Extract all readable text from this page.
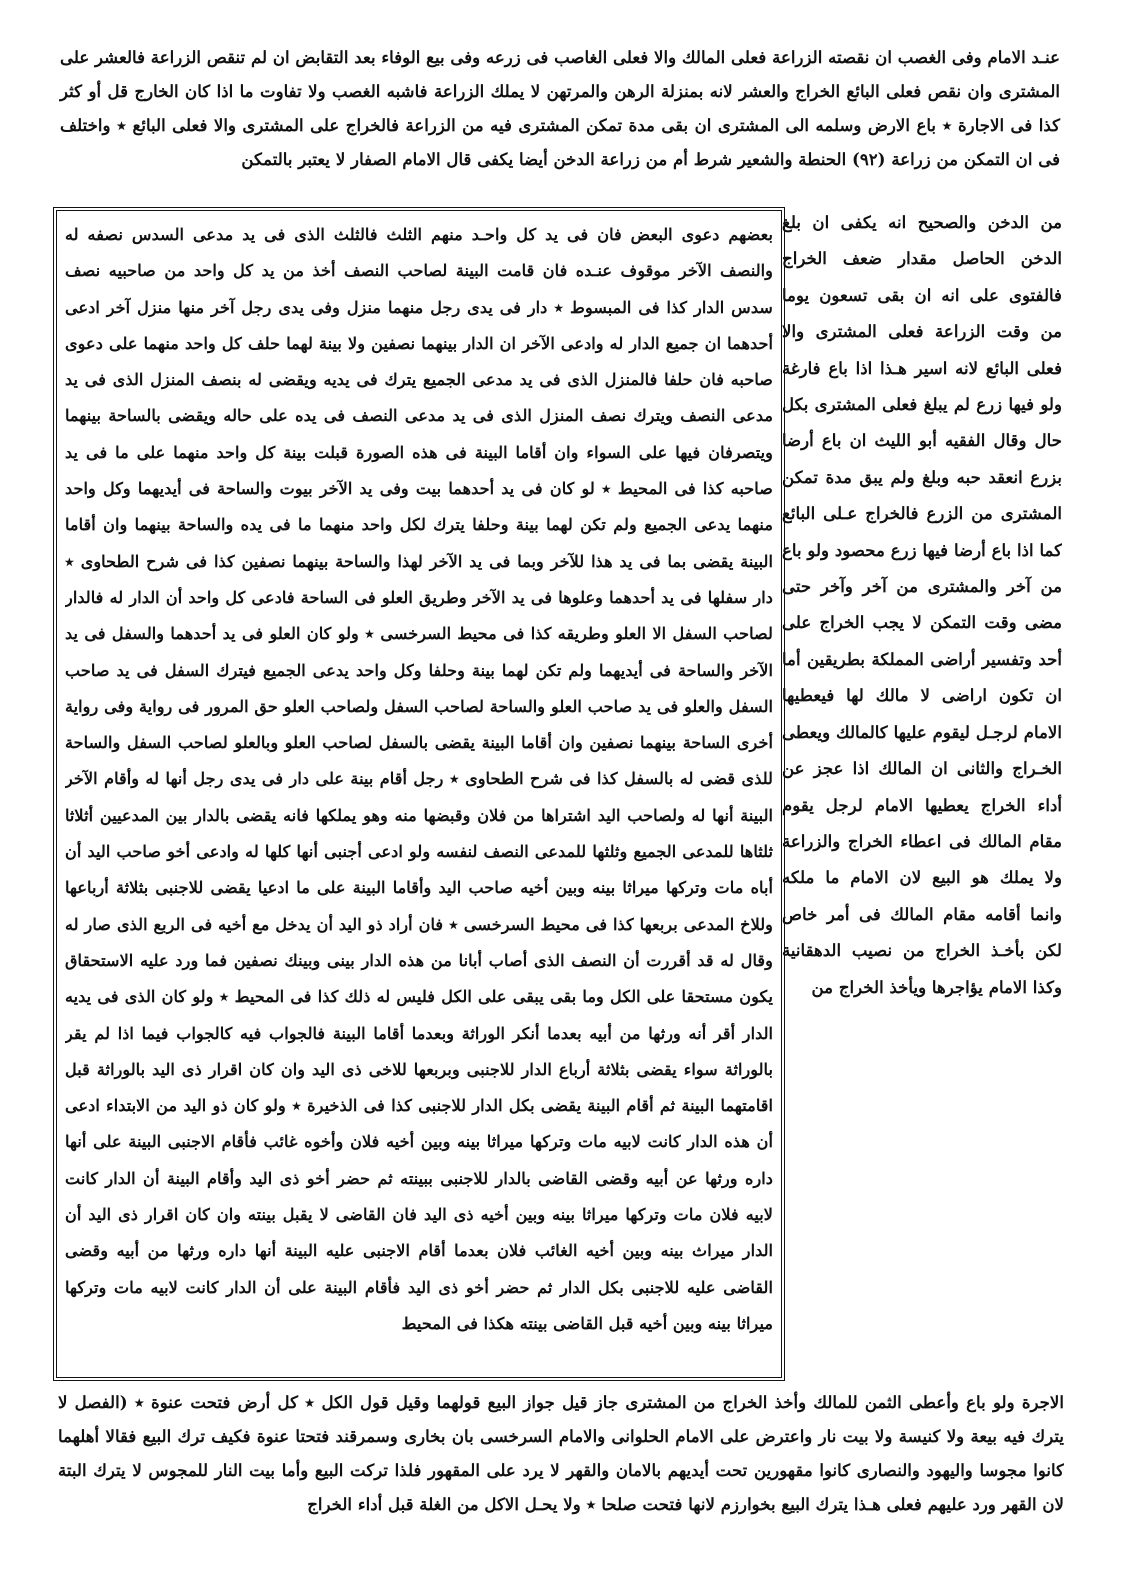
عنـد الامام وفى الغصب ان نقصته الزراعة فعلى المالك والا فعلى الغاصب فى زرعه وفى بيع الوفاء بعد التقابض ان لم تنقص الزراعة فالعشر على المشترى وان نقص فعلى البائع الخراج والعشر لانه بمنزلة الرهن والمرتهن لا يملك الزراعة فاشبه الغصب ولا تفاوت ما اذا كان الخارج قل أو كثر كذا فى الاجارة ٭ باع الارض وسلمه الى المشترى ان بقى مدة تمكن المشترى فيه من الزراعة فالخراج على المشترى والا فعلى البائع ٭ واختلف فى ان التمكن من زراعة (٩٢) الحنطة والشعير شرط أم من زراعة الدخن أيضا يكفى قال الامام الصفار لا يعتبر بالتمكن
من الدخن والصحيح انه يكفى ان بلغ الدخن الحاصل مقدار ضعف الخراج فالفتوى على انه ان بقى تسعون يوما من وقت الزراعة فعلى المشترى والا فعلى البائع لانه اسير هـذا اذا باع فارغة ولو فيها زرع لم يبلغ فعلى المشترى بكل حال وقال الفقيه أبو الليث ان باع أرضا بزرع انعقد حبه وبلغ ولم يبق مدة تمكن المشترى من الزرع فالخراج عـلى البائع كما اذا باع أرضا فيها زرع محصود ولو باع من آخر والمشترى من آخر وآخر حتى مضى وقت التمكن لا يجب الخراج على أحد وتفسير أراضى المملكة بطريقين أما ان تكون اراضى لا مالك لها فيعطيها الامام لرجـل ليقوم عليها كالمالك ويعطى الخـراج والثانى ان المالك اذا عجز عن أداء الخراج يعطيها الامام لرجل يقوم مقام المالك فى اعطاء الخراج والزراعة ولا يملك هو البيع لان الامام ما ملكه وانما أقامه مقام المالك فى أمر خاص لكن بأخـذ الخراج من نصيب الدهقانية وكذا الامام يؤاجرها ويأخذ الخراج من
بعضهم دعوى البعض فان فى يد كل واحـد منهم الثلث فالثلث الذى فى يد مدعى السدس نصفه له والنصف الآخر موقوف عنـده فان قامت البينة لصاحب النصف أخذ من يد كل واحد من صاحبيه نصف سدس الدار كذا فى المبسوط ٭ دار فى يدى رجل منهما منزل وفى يدى رجل آخر منها منزل آخر ادعى أحدهما ان جميع الدار له وادعى الآخر ان الدار بينهما نصفين ولا بينة لهما حلف كل واحد منهما على دعوى صاحبه فان حلفا فالمنزل الذى فى يد مدعى الجميع يترك فى يديه ويقضى له بنصف المنزل الذى فى يد مدعى النصف ويترك نصف المنزل الذى فى يد مدعى النصف فى يده على حاله ويقضى بالساحة بينهما ويتصرفان فيها على السواء وان أقاما البينة فى هذه الصورة قبلت بينة كل واحد منهما على ما فى يد صاحبه كذا فى المحيط ٭ لو كان فى يد أحدهما بيت وفى يد الآخر بيوت والساحة فى أيديهما وكل واحد منهما يدعى الجميع ولم تكن لهما بينة وحلفا يترك لكل واحد منهما ما فى يده والساحة بينهما وان أقاما البينة يقضى بما فى يد هذا للآخر وبما فى يد الآخر لهذا والساحة بينهما نصفين كذا فى شرح الطحاوى ٭ دار سفلها فى يد أحدهما وعلوها فى يد الآخر وطريق العلو فى الساحة فادعى كل واحد أن الدار له فالدار لصاحب السفل الا العلو وطريقه كذا فى محيط السرخسى ٭ ولو كان العلو فى يد أحدهما والسفل فى يد الآخر والساحة فى أيديهما ولم تكن لهما بينة وحلفا وكل واحد يدعى الجميع فيترك السفل فى يد صاحب السفل والعلو فى يد صاحب العلو والساحة لصاحب السفل ولصاحب العلو حق المرور فى رواية وفى رواية أخرى الساحة بينهما نصفين وان أقاما البينة يقضى بالسفل لصاحب العلو وبالعلو لصاحب السفل والساحة للذى قضى له بالسفل كذا فى شرح الطحاوى ٭ رجل أقام بينة على دار فى يدى رجل أنها له وأقام الآخر البينة أنها له ولصاحب اليد اشتراها من فلان وقبضها منه وهو يملكها فانه يقضى بالدار بين المدعيين أثلاثا ثلثاها للمدعى الجميع وثلثها للمدعى النصف لنفسه ولو ادعى أجنبى أنها كلها له وادعى أخو صاحب اليد أن أباه مات وتركها ميراثا بينه وبين أخيه صاحب اليد وأقاما البينة على ما ادعيا يقضى للاجنبى بثلاثة أرباعها وللاخ المدعى بربعها كذا فى محيط السرخسى ٭ فان أراد ذو اليد أن يدخل مع أخيه فى الربع الذى صار له وقال له قد أقررت أن النصف الذى أصاب أبانا من هذه الدار بينى وبينك نصفين فما ورد عليه الاستحقاق يكون مستحقا على الكل وما بقى يبقى على الكل فليس له ذلك كذا فى المحيط ٭ ولو كان الذى فى يديه الدار أقر أنه ورثها من أبيه بعدما أنكر الوراثة وبعدما أقاما البينة فالجواب فيه كالجواب فيما اذا لم يقر بالوراثة سواء يقضى بثلاثة أرباع الدار للاجنبى وبربعها للاخى ذى اليد وان كان اقرار ذى اليد بالوراثة قبل اقامتهما البينة ثم أقام البينة يقضى بكل الدار للاجنبى كذا فى الذخيرة ٭ ولو كان ذو اليد من الابتداء ادعى أن هذه الدار كانت لابيه مات وتركها ميراثا بينه وبين أخيه فلان وأخوه غائب فأقام الاجنبى البينة على أنها داره ورثها عن أبيه وقضى القاضى بالدار للاجنبى ببينته ثم حضر أخو ذى اليد وأقام البينة أن الدار كانت لابيه فلان مات وتركها ميراثا بينه وبين أخيه ذى اليد فان القاضى لا يقبل بينته وان كان اقرار ذى اليد أن الدار ميراث بينه وبين أخيه الغائب فلان بعدما أقام الاجنبى عليه البينة أنها داره ورثها من أبيه وقضى القاضى عليه للاجنبى بكل الدار ثم حضر أخو ذى اليد فأقام البينة على أن الدار كانت لابيه مات وتركها ميراثا بينه وبين أخيه قبل القاضى بينته هكذا فى المحيط
الاجرة ولو باع وأعطى الثمن للمالك وأخذ الخراج من المشترى جاز قيل جواز البيع قولهما وقيل قول الكل ٭ كل أرض فتحت عنوة ٭ (الفصل لا يترك فيه بيعة ولا كنيسة ولا بيت نار واعترض على الامام الحلوانى والامام السرخسى بان بخارى وسمرقند فتحتا عنوة فكيف ترك البيع فقالا أهلهما كانوا مجوسا واليهود والنصارى كانوا مقهورين تحت أيديهم بالامان والقهر لا يرد على المقهور فلذا تركت البيع وأما بيت النار للمجوس لا يترك البتة لان القهر ورد عليهم فعلى هـذا يترك البيع بخوارزم لانها فتحت صلحا ٭ ولا يحـل الاكل من الغلة قبل أداء الخراج
